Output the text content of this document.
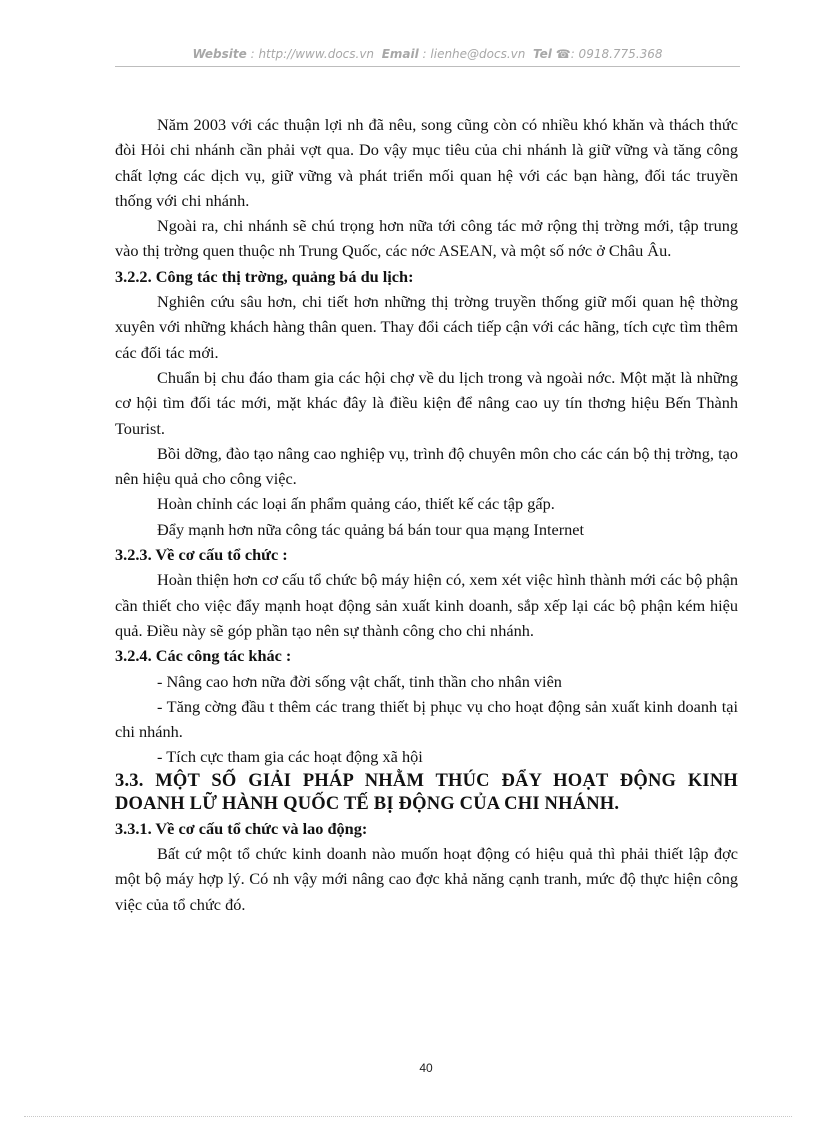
Website : http://www.docs.vn Email : lienhe@docs.vn Tel ☎: 0918.775.368

Năm 2003 với các thuận lợi nh đã nêu, song cũng còn có nhiều khó khăn và thách thức đòi Hỏi chi nhánh cần phải vợt qua. Do vậy mục tiêu của chi nhánh là giữ vững và tăng công chất lợng các dịch vụ, giữ vững và phát triển mối quan hệ với các bạn hàng, đối tác truyền thống với chi nhánh.

Ngoài ra, chi nhánh sẽ chú trọng hơn nữa tới công tác mở rộng thị trờng mới, tập trung vào thị trờng quen thuộc nh Trung Quốc, các nớc ASEAN, và một số nớc ở Châu Âu.

3.2.2. Công tác thị trờng, quảng bá du lịch:

Nghiên cứu sâu hơn, chi tiết hơn những thị trờng truyền thống giữ mối quan hệ thờng xuyên với những khách hàng thân quen. Thay đổi cách tiếp cận với các hãng, tích cực tìm thêm các đối tác mới.

Chuẩn bị chu đáo tham gia các hội chợ về du lịch trong và ngoài nớc. Một mặt là những cơ hội tìm đối tác mới, mặt khác đây là điều kiện để nâng cao uy tín thơng hiệu Bến Thành Tourist.

Bồi dỡng, đào tạo nâng cao nghiệp vụ, trình độ chuyên môn cho các cán bộ thị trờng, tạo nên hiệu quả cho công việc.

Hoàn chỉnh các loại ấn phẩm quảng cáo, thiết kế các tập gấp.

Đẩy mạnh hơn nữa công tác quảng bá bán tour qua mạng Internet

3.2.3. Về cơ cấu tổ chức :

Hoàn thiện hơn cơ cấu tổ chức bộ máy hiện có, xem xét việc hình thành mới các bộ phận cần thiết cho việc đẩy mạnh hoạt động sản xuất kinh doanh, sắp xếp lại các bộ phận kém hiệu quả. Điều này sẽ góp phần tạo nên sự thành công cho chi nhánh.

3.2.4. Các công tác khác :

- Nâng cao hơn nữa đời sống vật chất, tinh thần cho nhân viên

- Tăng cờng đầu t thêm các trang thiết bị phục vụ cho hoạt động sản xuất kinh doanh tại chi nhánh.

- Tích cực tham gia các hoạt động xã hội

3.3. MỘT SỐ GIẢI PHÁP NHẰM THÚC ĐẨY HOẠT ĐỘNG KINH DOANH LỮ HÀNH QUỐC TẾ BỊ ĐỘNG CỦA CHI NHÁNH.

3.3.1. Về cơ cấu tổ chức và lao động:

Bất cứ một tổ chức kinh doanh nào muốn hoạt động có hiệu quả thì phải thiết lập đợc một bộ máy hợp lý. Có nh vậy mới nâng cao đợc khả năng cạnh tranh, mức độ thực hiện công việc của tổ chức đó.

40
